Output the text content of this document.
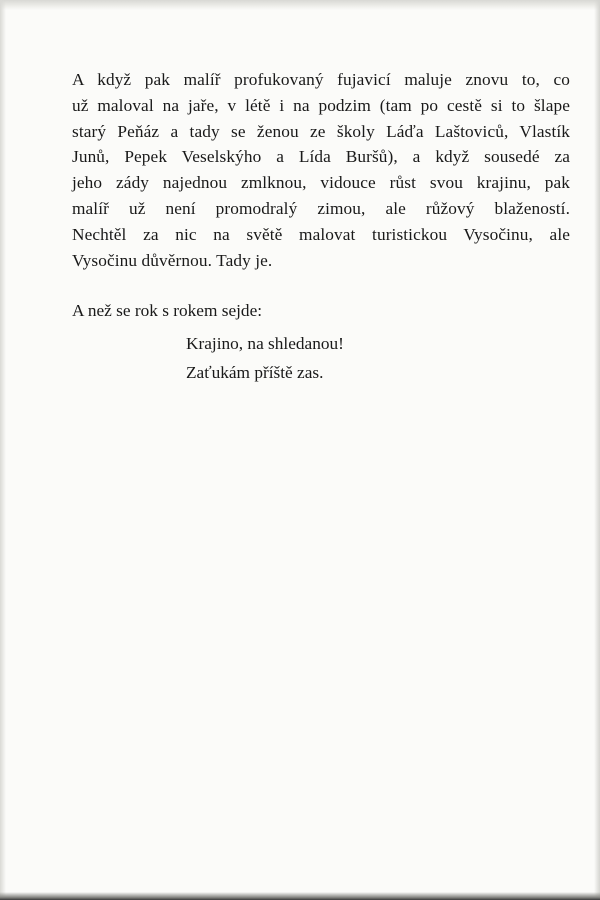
A když pak malíř profukovaný fujavicí maluje znovu to, co
už maloval na jaře, v létě i na podzim (tam po cestě si to šlape
starý Peňáz a tady se ženou ze školy Láďa Laštoviců, Vlastík
Junů, Pepek Veselskýho a Lída Buršů), a když sousedé za
jeho zády najednou zmlknou, vidouce růst svou krajinu, pak
malíř už není promodralý zimou, ale růžový blažeností.
Nechtěl za nic na světě malovat turistickou Vysočinu, ale
Vysočinu důvěrnou. Tady je.
A než se rok s rokem sejde:
Krajino, na shledanou!
Zaťukám příště zas.
